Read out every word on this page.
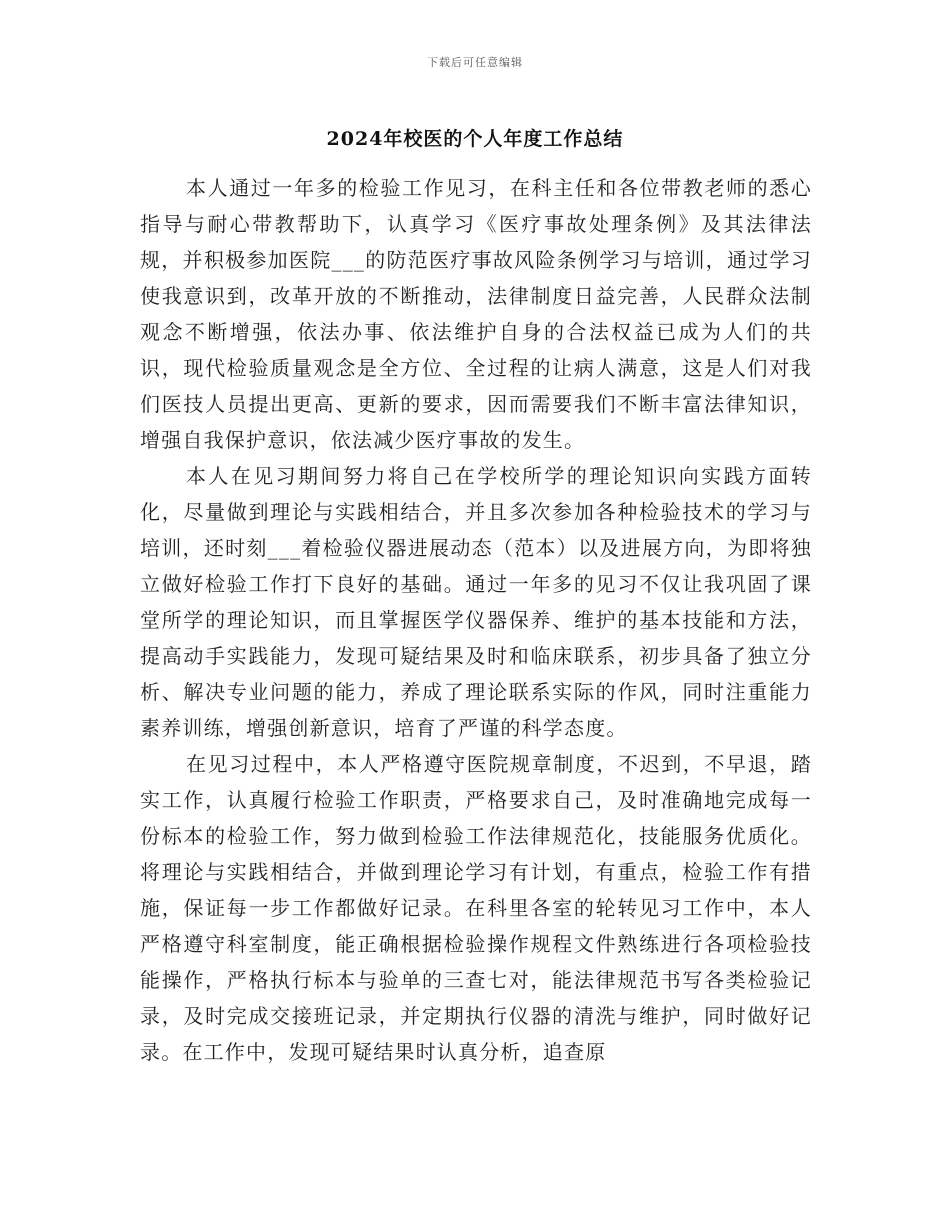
下载后可任意编辑
2024年校医的个人年度工作总结

本人通过一年多的检验工作见习，在科主任和各位带教老师的悉心指导与耐心带教帮助下，认真学习《医疗事故处理条例》及其法律法规，并积极参加医院___的防范医疗事故风险条例学习与培训，通过学习使我意识到，改革开放的不断推动，法律制度日益完善，人民群众法制观念不断增强，依法办事、依法维护自身的合法权益已成为人们的共识，现代检验质量观念是全方位、全过程的让病人满意，这是人们对我们医技人员提出更高、更新的要求，因而需要我们不断丰富法律知识，增强自我保护意识，依法减少医疗事故的发生。

本人在见习期间努力将自己在学校所学的理论知识向实践方面转化，尽量做到理论与实践相结合，并且多次参加各种检验技术的学习与培训，还时刻___着检验仪器进展动态（范本）以及进展方向，为即将独立做好检验工作打下良好的基础。通过一年多的见习不仅让我巩固了课堂所学的理论知识，而且掌握医学仪器保养、维护的基本技能和方法，提高动手实践能力，发现可疑结果及时和临床联系，初步具备了独立分析、解决专业问题的能力，养成了理论联系实际的作风，同时注重能力素养训练，增强创新意识，培育了严谨的科学态度。

在见习过程中，本人严格遵守医院规章制度，不迟到，不早退，踏实工作，认真履行检验工作职责，严格要求自己，及时准确地完成每一份标本的检验工作，努力做到检验工作法律规范化，技能服务优质化。将理论与实践相结合，并做到理论学习有计划，有重点，检验工作有措施，保证每一步工作都做好记录。在科里各室的轮转见习工作中，本人严格遵守科室制度，能正确根据检验操作规程文件熟练进行各项检验技能操作，严格执行标本与验单的三查七对，能法律规范书写各类检验记录，及时完成交接班记录，并定期执行仪器的清洗与维护，同时做好记录。在工作中，发现可疑结果时认真分析，追查原
